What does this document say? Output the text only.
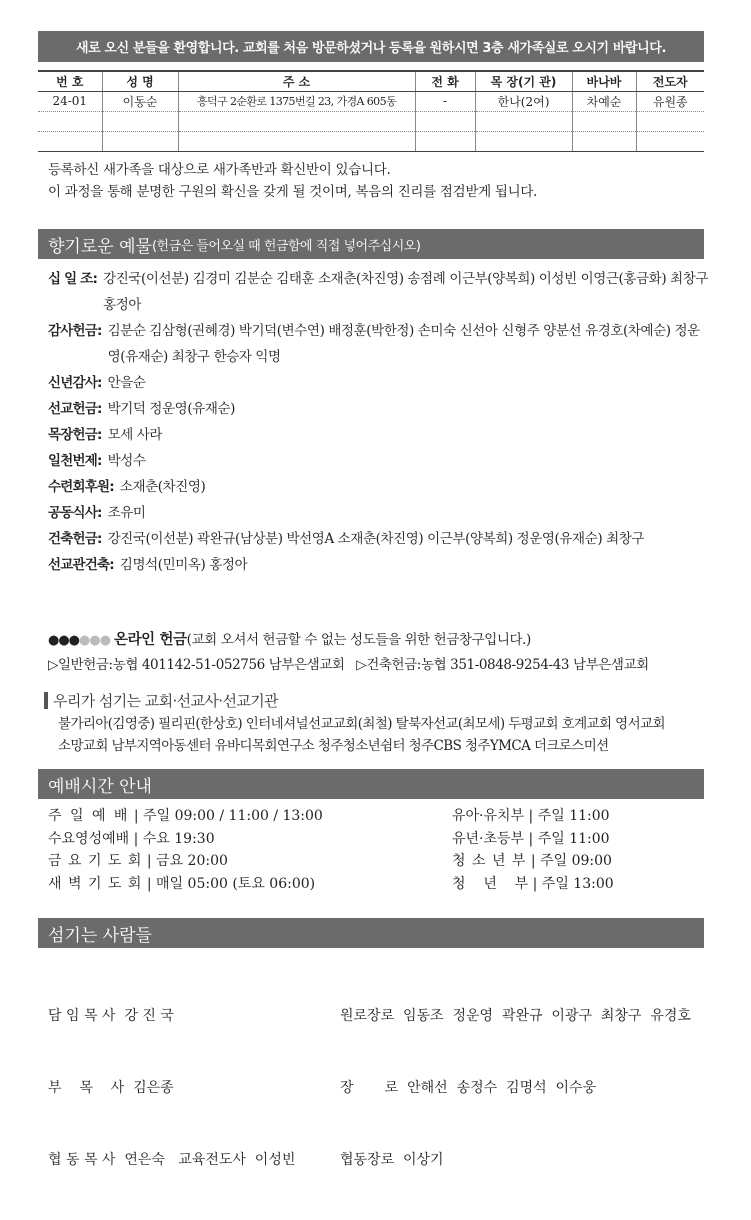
새로 오신 분들을 환영합니다. 교회를 처음 방문하셨거나 등록을 원하시면 3층 새가족실로 오시기 바랍니다.
번 호	성 명	주 소	전 화	목 장(기 관)	바나바	전도자
24-01	이동순	흥덕구 2순환로 1375번길 23, 가경A 605동	-	한나(2여)	차예순	유원종

등록하신 새가족을 대상으로 새가족반과 확신반이 있습니다.
이 과정을 통해 분명한 구원의 확신을 갖게 될 것이며, 복음의 진리를 점검받게 됩니다.
향기로운 예물 (헌금은 들어오실 때 헌금함에 직접 넣어주십시오)
십 일 조: 강진국(이선분) 김경미 김분순 김태훈 소재춘(차진영) 송점례 이근부(양복희) 이성빈 이영근(홍금화) 최창구 홍정아
감사헌금: 김분순 김삼형(권혜경) 박기덕(변수연) 배정훈(박한정) 손미숙 신선아 신형주 양분선 유경호(차예순) 정운영(유재순) 최창구 한승자 익명
신년감사: 안을순
선교헌금: 박기덕 정운영(유재순)
목장헌금: 모세 사라
일천번제: 박성수
수련회후원: 소재춘(차진영)
공동식사: 조유미
건축헌금: 강진국(이선분) 곽완규(남상분) 박선영A 소재춘(차진영) 이근부(양복희) 정운영(유재순) 최창구
선교관건축: 김명석(민미옥) 홍정아
●●●●●● 온라인 헌금(교회 오셔서 헌금할 수 없는 성도들을 위한 헌금창구입니다.)
▷일반헌금:농협 401142-51-052756 남부은샘교회 ▷건축헌금:농협 351-0848-9254-43 남부은샘교회
우리가 섬기는 교회·선교사·선교기관
불가리아(김영중) 필리핀(한상호) 인터네셔널선교교회(최철) 탈북자선교(최모세) 두평교회 호계교회 영서교회
소망교회 남부지역아동센터 유바디목회연구소 청주청소년쉼터 청주CBS 청주YMCA 더크로스미션
예배시간 안내
주 일 예 배 | 주일 09:00 / 11:00 / 13:00
수요영성예배 | 수요 19:30
금 요 기 도 회 | 금요 20:00
새 벽 기 도 회 | 매일 05:00 (토요 06:00)
유아·유치부 | 주일 11:00
유년·초등부 | 주일 11:00
청 소 년 부 | 주일 09:00
청    년    부 | 주일 13:00
섬기는 사람들

담 임 목 사  강 진 국

부    목    사  김은종

협 동 목 사  연은숙   교육전도사  이성빈

원로장로  임동조  정운영  곽완규  이광구  최창구  유경호

장       로  안해선  송정수  김명석  이수웅

협동장로  이상기
